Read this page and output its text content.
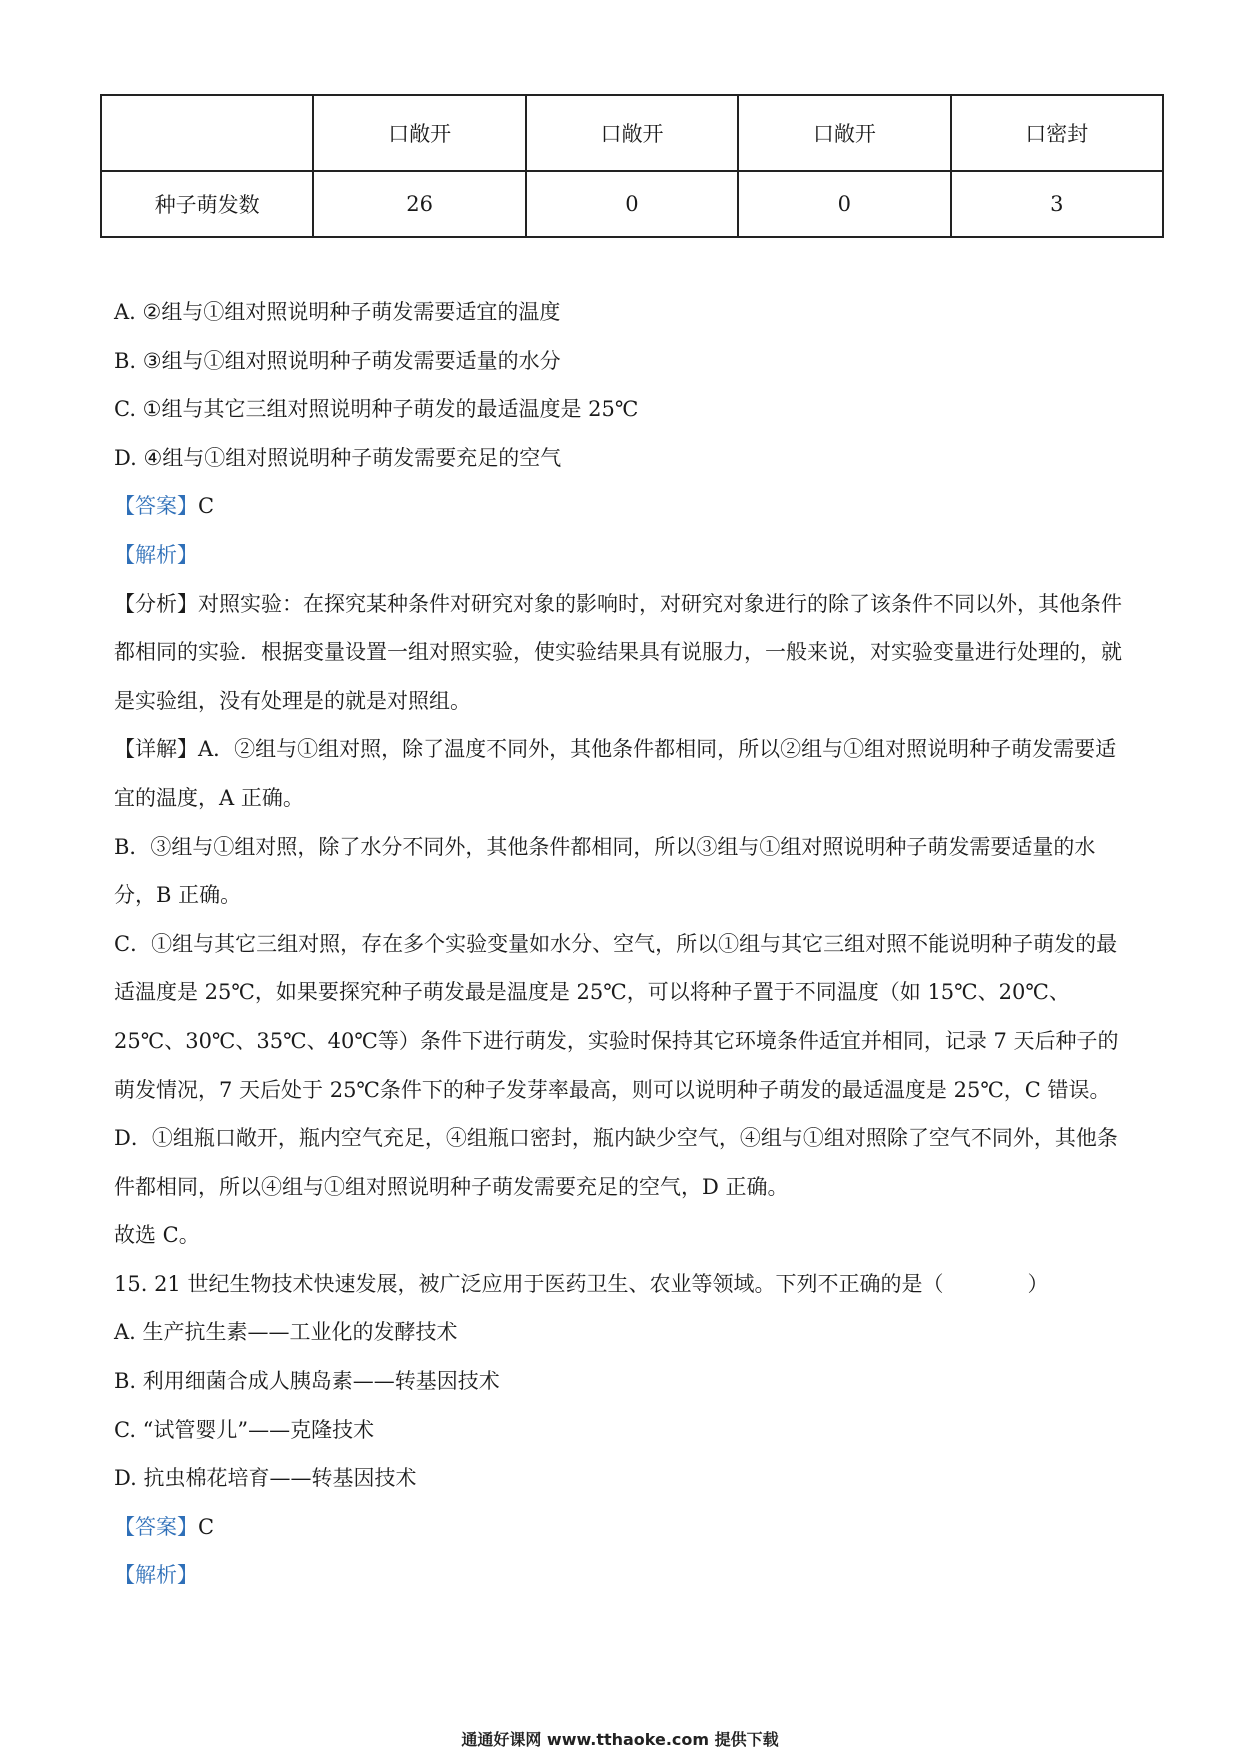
	口敞开	口敞开	口敞开	口密封
种子萌发数	26	0	0	3

A. ②组与①组对照说明种子萌发需要适宜的温度

B. ③组与①组对照说明种子萌发需要适量的水分

C. ①组与其它三组对照说明种子萌发的最适温度是 25℃

D. ④组与①组对照说明种子萌发需要充足的空气

【答案】C

【解析】

【分析】对照实验：在探究某种条件对研究对象的影响时，对研究对象进行的除了该条件不同以外，其他条件都相同的实验．根据变量设置一组对照实验，使实验结果具有说服力，一般来说，对实验变量进行处理的，就是实验组，没有处理是的就是对照组。

【详解】A．②组与①组对照，除了温度不同外，其他条件都相同，所以②组与①组对照说明种子萌发需要适宜的温度，A 正确。

B．③组与①组对照，除了水分不同外，其他条件都相同，所以③组与①组对照说明种子萌发需要适量的水分，B 正确。

C．①组与其它三组对照，存在多个实验变量如水分、空气，所以①组与其它三组对照不能说明种子萌发的最适温度是 25℃，如果要探究种子萌发最是温度是 25℃，可以将种子置于不同温度（如 15℃、20℃、25℃、30℃、35℃、40℃等）条件下进行萌发，实验时保持其它环境条件适宜并相同，记录 7 天后种子的萌发情况，7 天后处于 25℃条件下的种子发芽率最高，则可以说明种子萌发的最适温度是 25℃，C 错误。

D．①组瓶口敞开，瓶内空气充足，④组瓶口密封，瓶内缺少空气，④组与①组对照除了空气不同外，其他条件都相同，所以④组与①组对照说明种子萌发需要充足的空气，D 正确。

故选 C。

15. 21 世纪生物技术快速发展，被广泛应用于医药卫生、农业等领域。下列不正确的是（　　　　）

A. 生产抗生素——工业化的发酵技术

B. 利用细菌合成人胰岛素——转基因技术

C. “试管婴儿”——克隆技术

D. 抗虫棉花培育——转基因技术

【答案】C

【解析】

通通好课网 www.tthaoke.com 提供下载
